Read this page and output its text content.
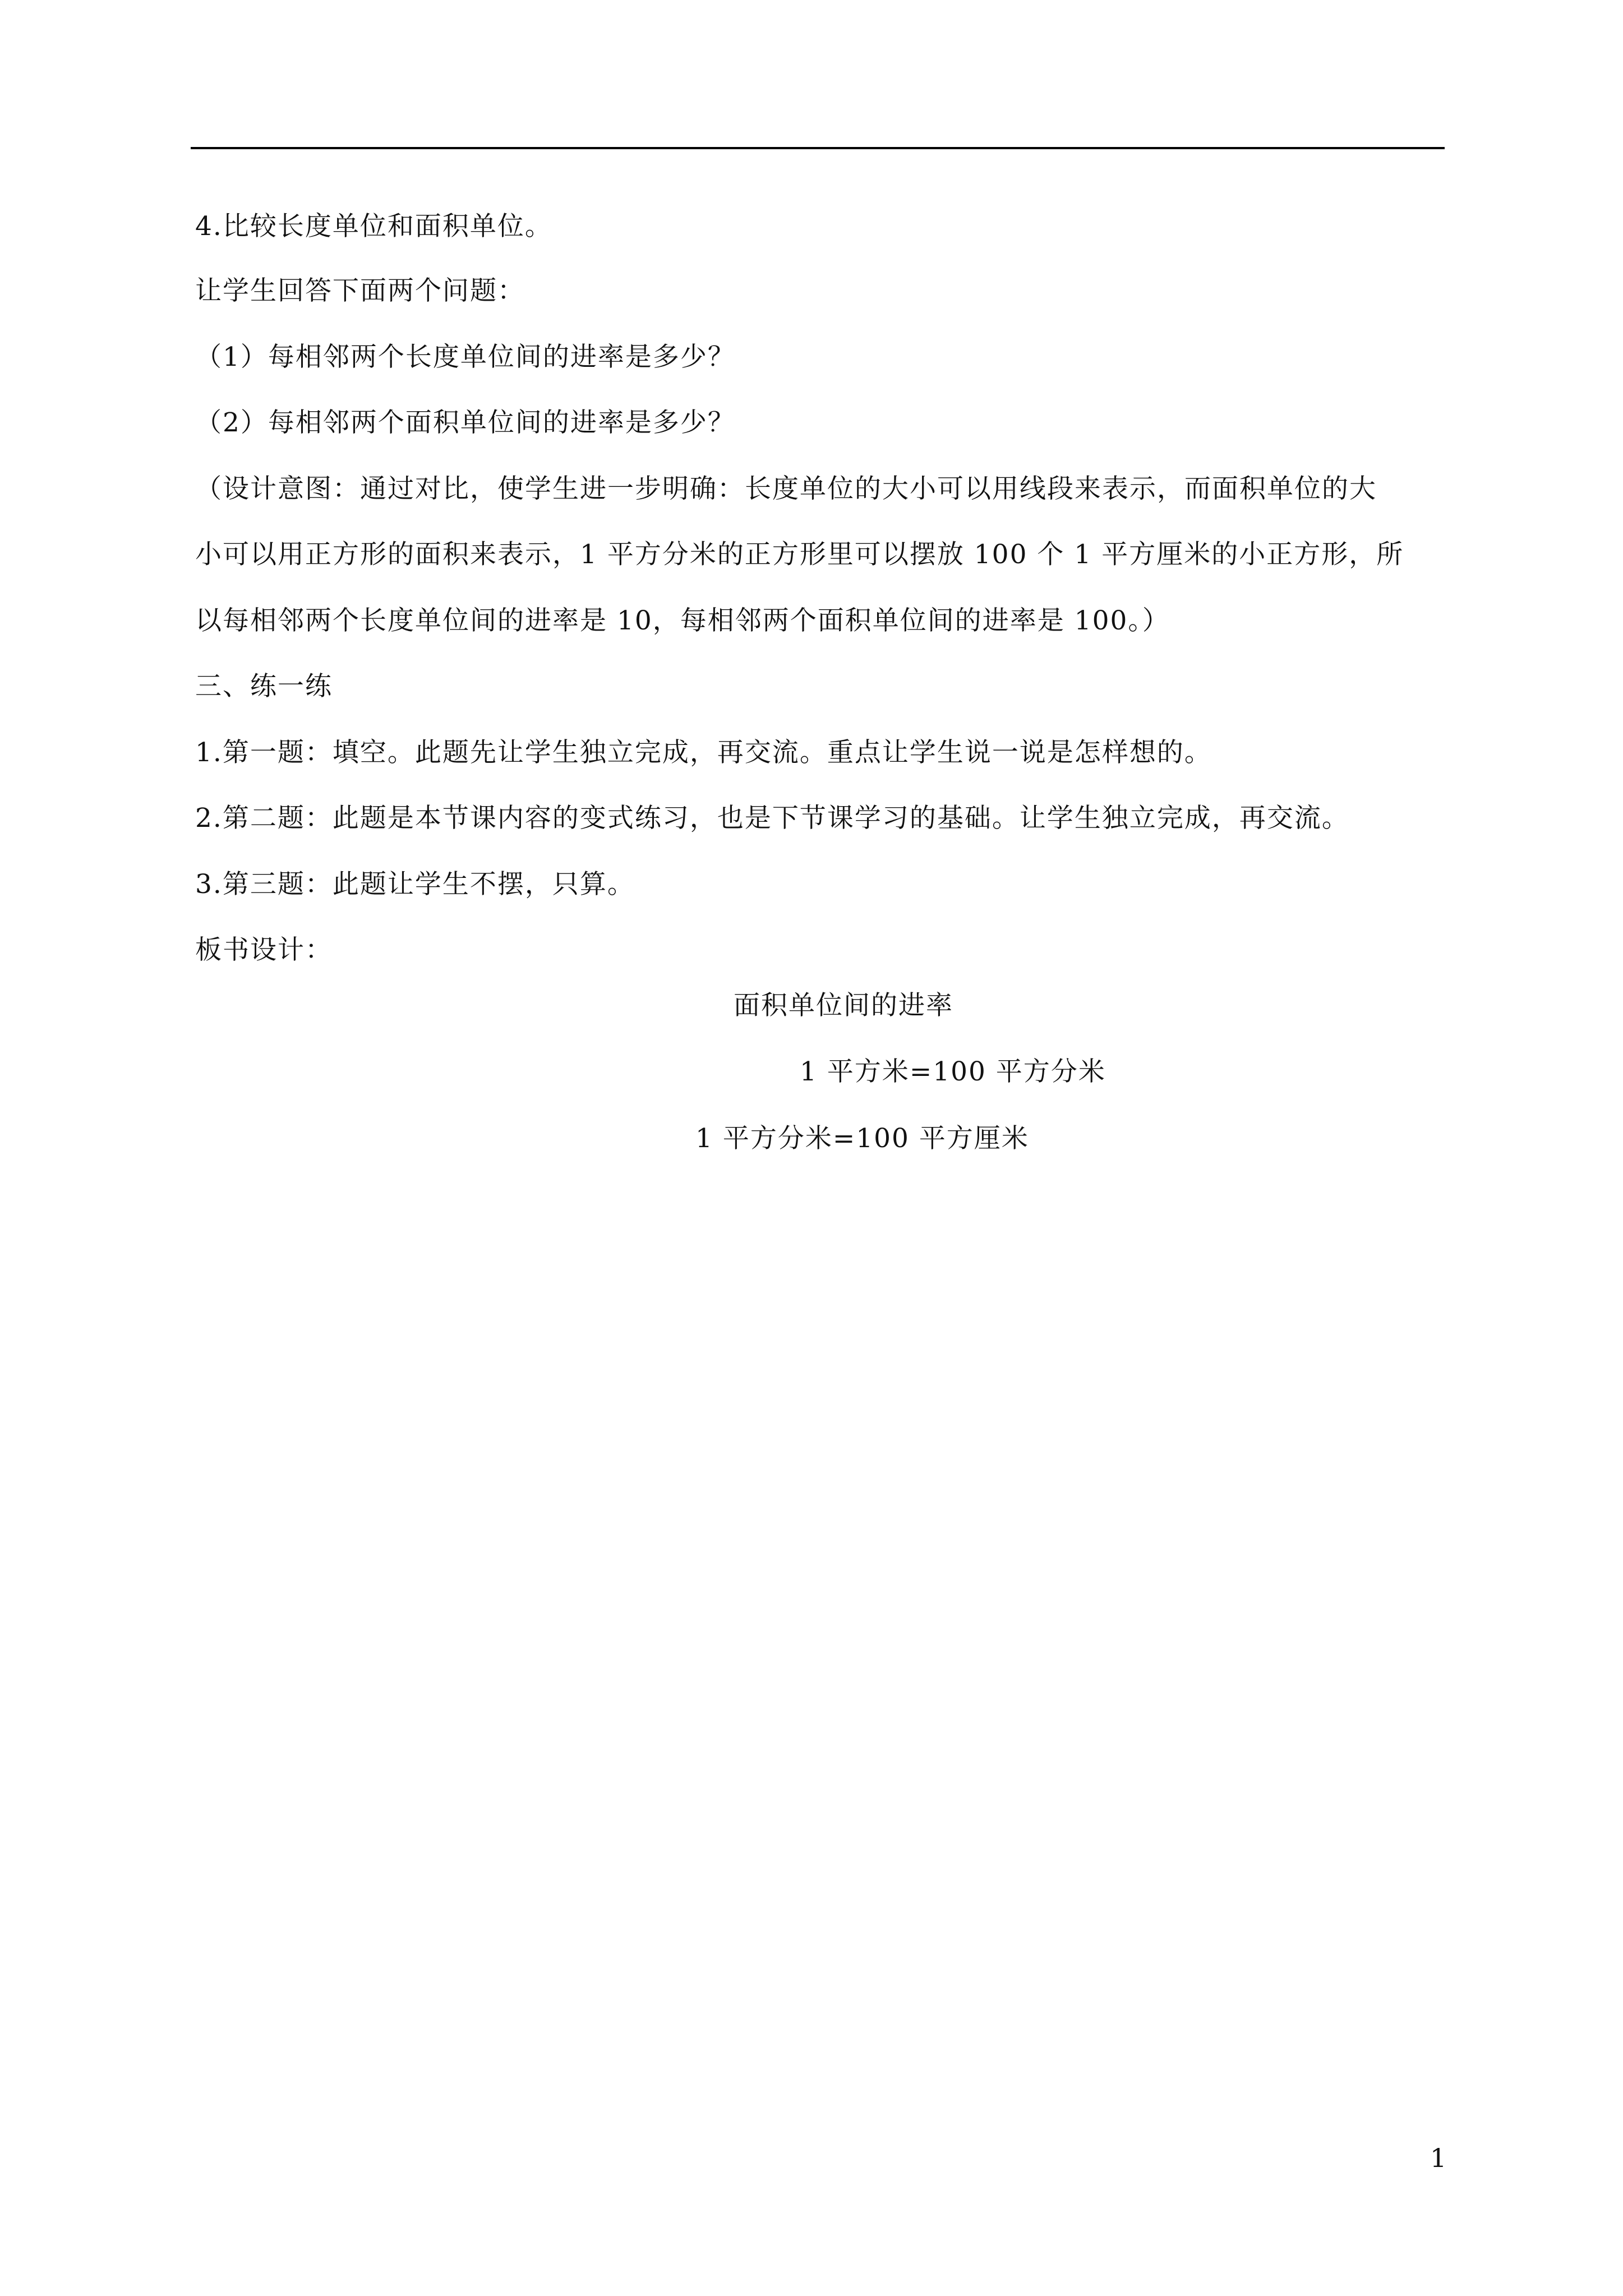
4.比较长度单位和面积单位。
让学生回答下面两个问题：
（1）每相邻两个长度单位间的进率是多少？
（2）每相邻两个面积单位间的进率是多少？
（设计意图：通过对比，使学生进一步明确：长度单位的大小可以用线段来表示，而面积单位的大
小可以用正方形的面积来表示，1 平方分米的正方形里可以摆放 100 个 1 平方厘米的小正方形，所
以每相邻两个长度单位间的进率是 10，每相邻两个面积单位间的进率是 100。）
三、练一练
1.第一题：填空。此题先让学生独立完成，再交流。重点让学生说一说是怎样想的。
2.第二题：此题是本节课内容的变式练习，也是下节课学习的基础。让学生独立完成，再交流。
3.第三题：此题让学生不摆，只算。
板书设计：
面积单位间的进率
1 平方米=100 平方分米
1 平方分米=100 平方厘米
1
